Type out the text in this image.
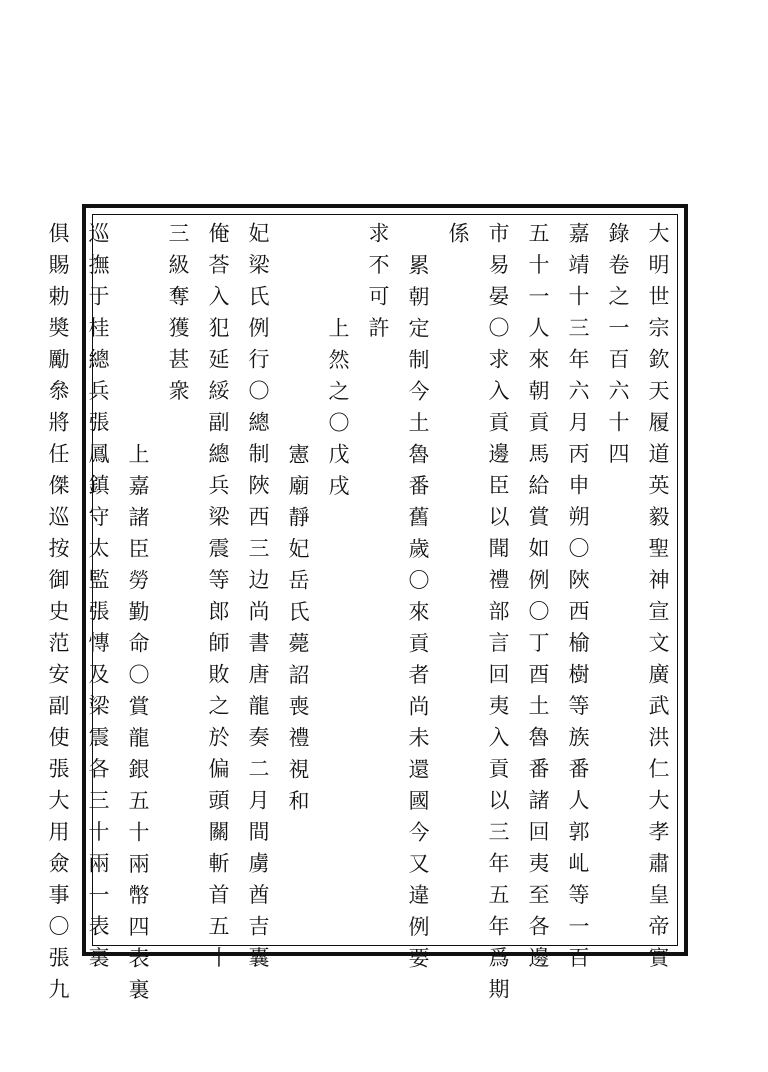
大明世宗欽天履道英毅聖神宣文廣武洪仁大孝肅皇帝實
錄卷之一百六十四
嘉靖十三年六月丙申朔〇陜西榆樹等族番人郭乢等一百
五十一人來朝貢馬給賞如例〇丁酉土魯番諸回夷至各邊
市易晏〇求入貢邊臣以聞禮部言回夷入貢以三年五年爲期
係
累朝定制今土魯番舊歲〇來貢者尚未還國今又違例要
求不可許
上然之〇戊戌
憲廟靜妃岳氏薨詔喪禮視和
妃梁氏例行〇總制陜西三边尚書唐龍奏二月間虜酋吉囊
俺荅入犯延綏副總兵梁震等郎師敗之於偏頭關斬首五十
三級奪獲甚衆
上嘉諸臣勞勤命〇賞龍銀五十兩幣四表裏
巡撫于桂總兵張鳳鎮守太監張慱及梁震各三十兩一表裏
俱賜勅奬勵叅將任傑巡按御史范安副使張大用僉事〇張九
